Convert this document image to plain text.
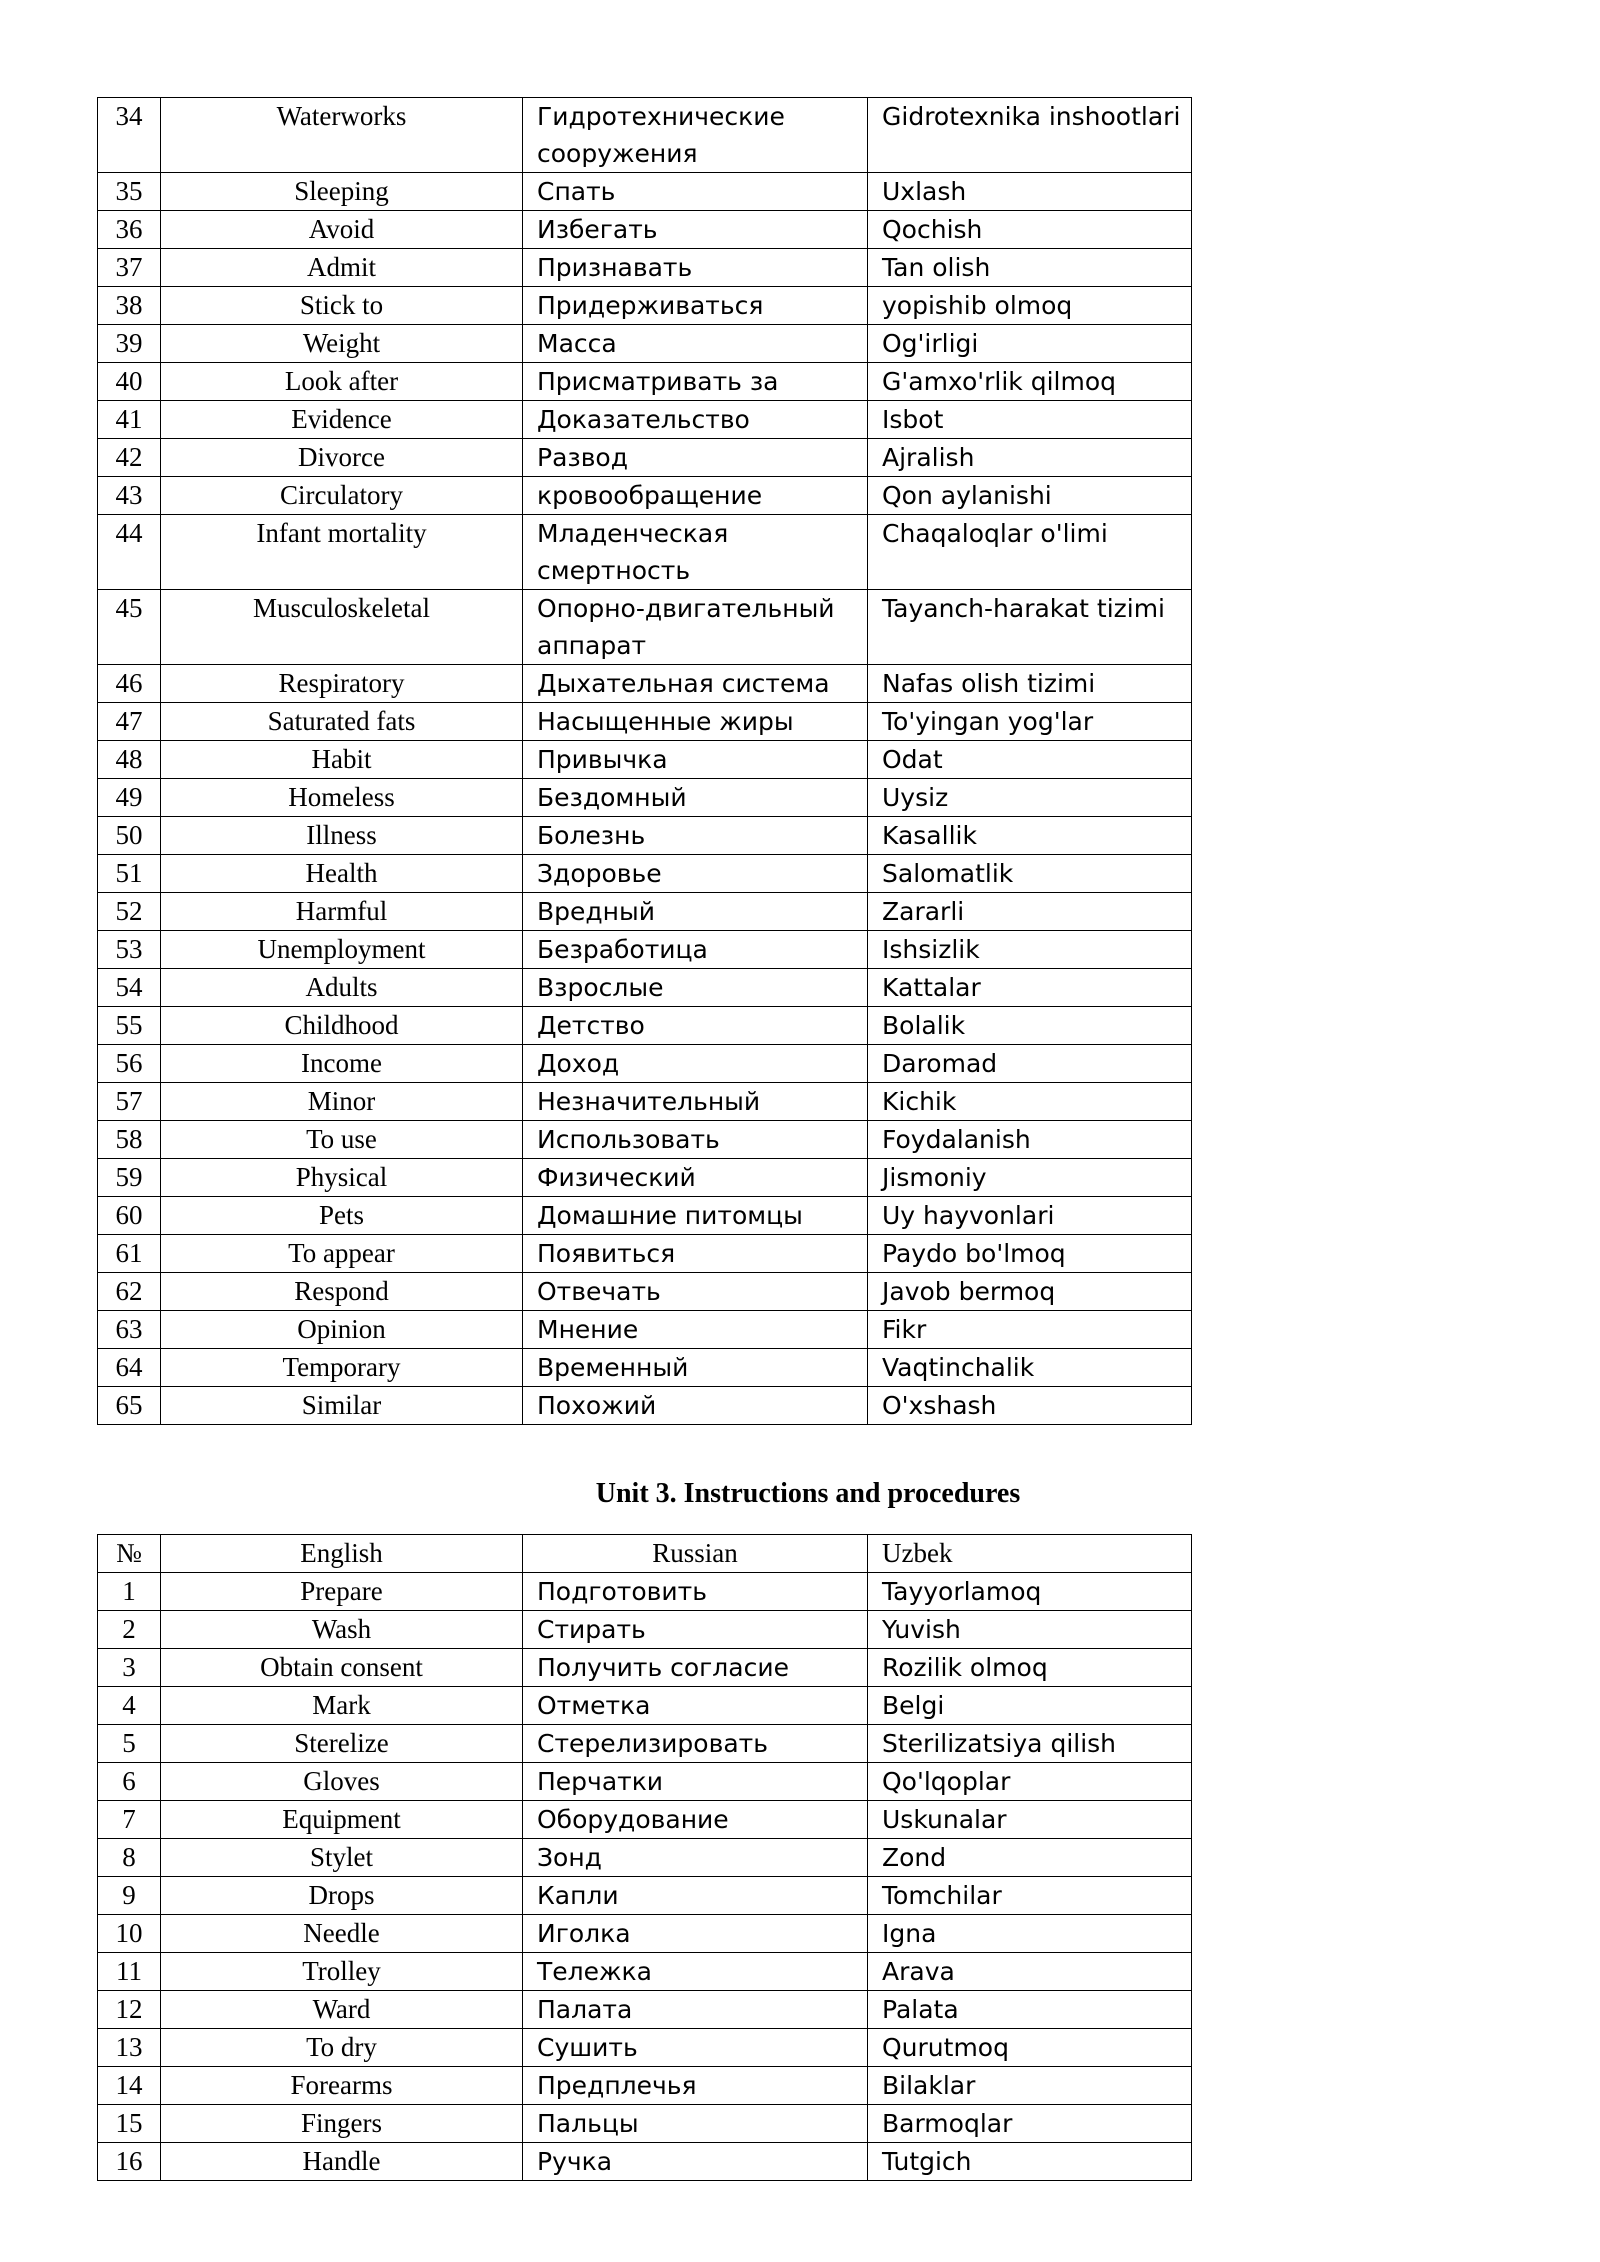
34	Waterworks	Гидротехнические сооружения	Gidrotexnika inshootlari
35	Sleeping	Спать	Uxlash
36	Avoid	Избегать	Qochish
37	Admit	Признавать	Tan olish
38	Stick to	Придерживаться	yopishib olmoq
39	Weight	Масса	Og'irligi
40	Look after	Присматривать за	G'amxo'rlik qilmoq
41	Evidence	Доказательство	Isbot
42	Divorce	Развод	Ajralish
43	Circulatory	кровообращение	Qon aylanishi
44	Infant mortality	Младенческая смертность	Chaqaloqlar o'limi
45	Musculoskeletal	Опорно-двигательный аппарат	Tayanch-harakat tizimi
46	Respiratory	Дыхательная система	Nafas olish tizimi
47	Saturated fats	Насыщенные жиры	To'yingan yog'lar
48	Habit	Привычка	Odat
49	Homeless	Бездомный	Uysiz
50	Illness	Болезнь	Kasallik
51	Health	Здоровье	Salomatlik
52	Harmful	Вредный	Zararli
53	Unemployment	Безработица	Ishsizlik
54	Adults	Взрослые	Kattalar
55	Childhood	Детство	Bolalik
56	Income	Доход	Daromad
57	Minor	Незначительный	Kichik
58	To use	Использовать	Foydalanish
59	Physical	Физический	Jismoniy
60	Pets	Домашние питомцы	Uy hayvonlari
61	To appear	Появиться	Paydo bo'lmoq
62	Respond	Отвечать	Javob bermoq
63	Opinion	Мнение	Fikr
64	Temporary	Временный	Vaqtinchalik
65	Similar	Похожий	O'xshash
Unit 3. Instructions and procedures
№	English	Russian	Uzbek
1	Prepare	Подготовить	Tayyorlamoq
2	Wash	Стирать	Yuvish
3	Obtain consent	Получить согласие	Rozilik olmoq
4	Mark	Отметка	Belgi
5	Sterelize	Стерелизировать	Sterilizatsiya qilish
6	Gloves	Перчатки	Qo'lqoplar
7	Equipment	Оборудование	Uskunalar
8	Stylet	Зонд	Zond
9	Drops	Капли	Tomchilar
10	Needle	Иголка	Igna
11	Trolley	Тележка	Arava
12	Ward	Палата	Palata
13	To dry	Сушить	Qurutmoq
14	Forearms	Предплечья	Bilaklar
15	Fingers	Пальцы	Barmoqlar
16	Handle	Ручка	Tutgich
